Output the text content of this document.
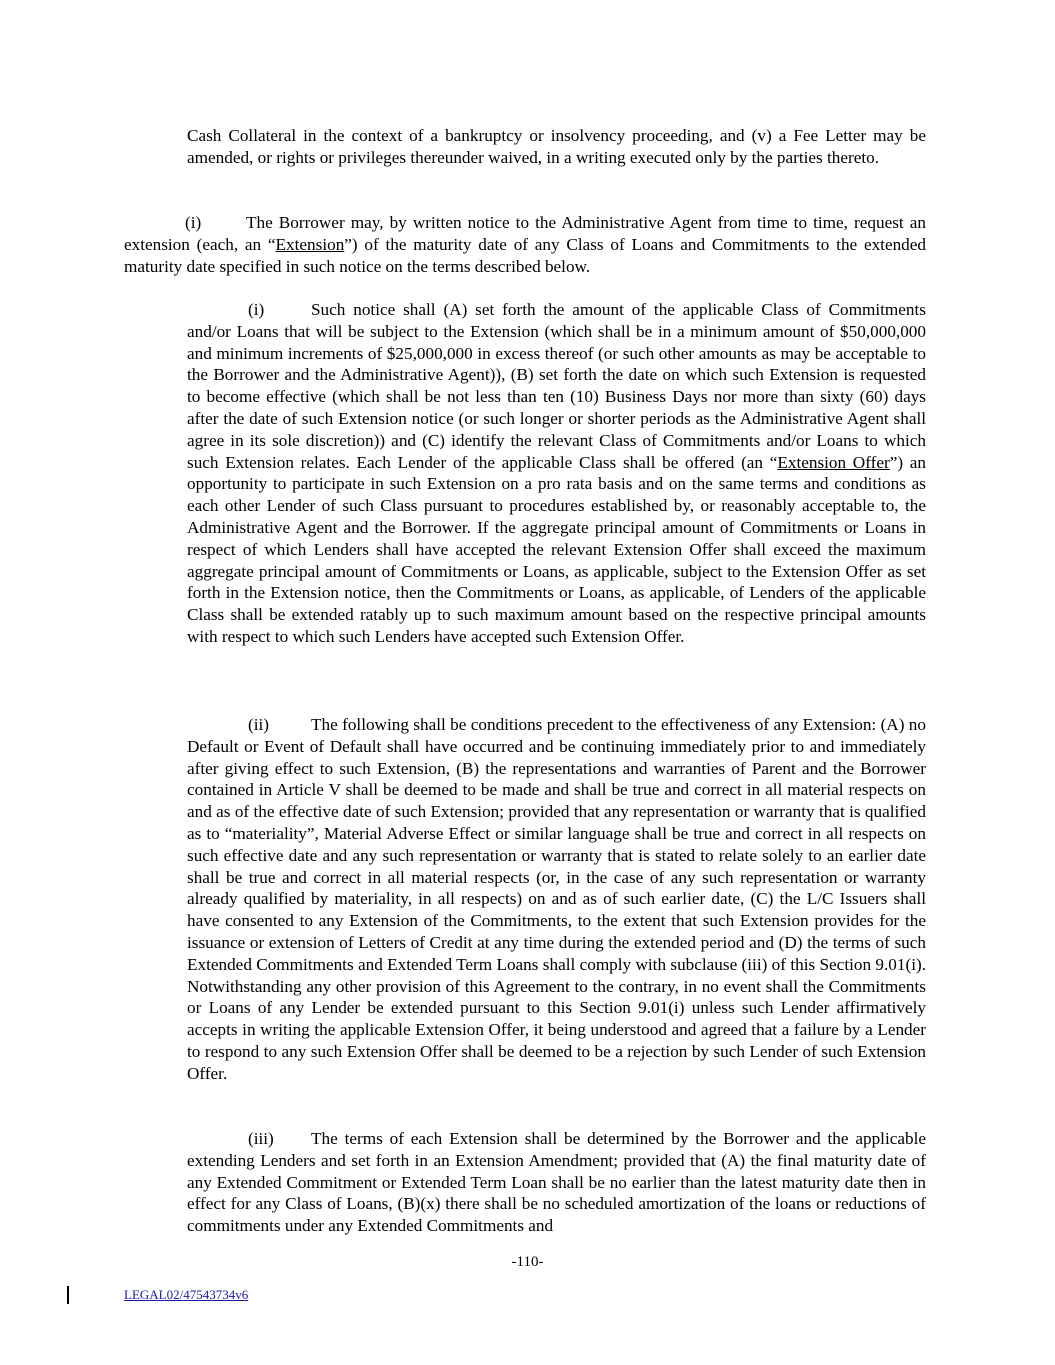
Cash Collateral in the context of a bankruptcy or insolvency proceeding, and (v) a Fee Letter may be amended, or rights or privileges thereunder waived, in a writing executed only by the parties thereto.

(i)	The Borrower may, by written notice to the Administrative Agent from time to time, request an extension (each, an “Extension”) of the maturity date of any Class of Loans and Commitments to the extended maturity date specified in such notice on the terms described below.

(i)	Such notice shall (A) set forth the amount of the applicable Class of Commitments and/or Loans that will be subject to the Extension (which shall be in a minimum amount of $50,000,000 and minimum increments of $25,000,000 in excess thereof (or such other amounts as may be acceptable to the Borrower and the Administrative Agent)), (B) set forth the date on which such Extension is requested to become effective (which shall be not less than ten (10) Business Days nor more than sixty (60) days after the date of such Extension notice (or such longer or shorter periods as the Administrative Agent shall agree in its sole discretion)) and (C) identify the relevant Class of Commitments and/or Loans to which such Extension relates. Each Lender of the applicable Class shall be offered (an “Extension Offer”) an opportunity to participate in such Extension on a pro rata basis and on the same terms and conditions as each other Lender of such Class pursuant to procedures established by, or reasonably acceptable to, the Administrative Agent and the Borrower. If the aggregate principal amount of Commitments or Loans in respect of which Lenders shall have accepted the relevant Extension Offer shall exceed the maximum aggregate principal amount of Commitments or Loans, as applicable, subject to the Extension Offer as set forth in the Extension notice, then the Commitments or Loans, as applicable, of Lenders of the applicable Class shall be extended ratably up to such maximum amount based on the respective principal amounts with respect to which such Lenders have accepted such Extension Offer.

(ii) The following shall be conditions precedent to the effectiveness of any Extension: (A) no Default or Event of Default shall have occurred and be continuing immediately prior to and immediately after giving effect to such Extension, (B) the representations and warranties of Parent and the Borrower contained in Article V shall be deemed to be made and shall be true and correct in all material respects on and as of the effective date of such Extension; provided that any representation or warranty that is qualified as to “materiality”, Material Adverse Effect or similar language shall be true and correct in all respects on such effective date and any such representation or warranty that is stated to relate solely to an earlier date shall be true and correct in all material respects (or, in the case of any such representation or warranty already qualified by materiality, in all respects) on and as of such earlier date, (C) the L/C Issuers shall have consented to any Extension of the Commitments, to the extent that such Extension provides for the issuance or extension of Letters of Credit at any time during the extended period and (D) the terms of such Extended Commitments and Extended Term Loans shall comply with subclause (iii) of this Section 9.01(i). Notwithstanding any other provision of this Agreement to the contrary, in no event shall the Commitments or Loans of any Lender be extended pursuant to this Section 9.01(i) unless such Lender affirmatively accepts in writing the applicable Extension Offer, it being understood and agreed that a failure by a Lender to respond to any such Extension Offer shall be deemed to be a rejection by such Lender of such Extension Offer.

(iii) The terms of each Extension shall be determined by the Borrower and the applicable extending Lenders and set forth in an Extension Amendment; provided that (A) the final maturity date of any Extended Commitment or Extended Term Loan shall be no earlier than the latest maturity date then in effect for any Class of Loans, (B)(x) there shall be no scheduled amortization of the loans or reductions of commitments under any Extended Commitments and

-110-
LEGAL02/47543734v6
